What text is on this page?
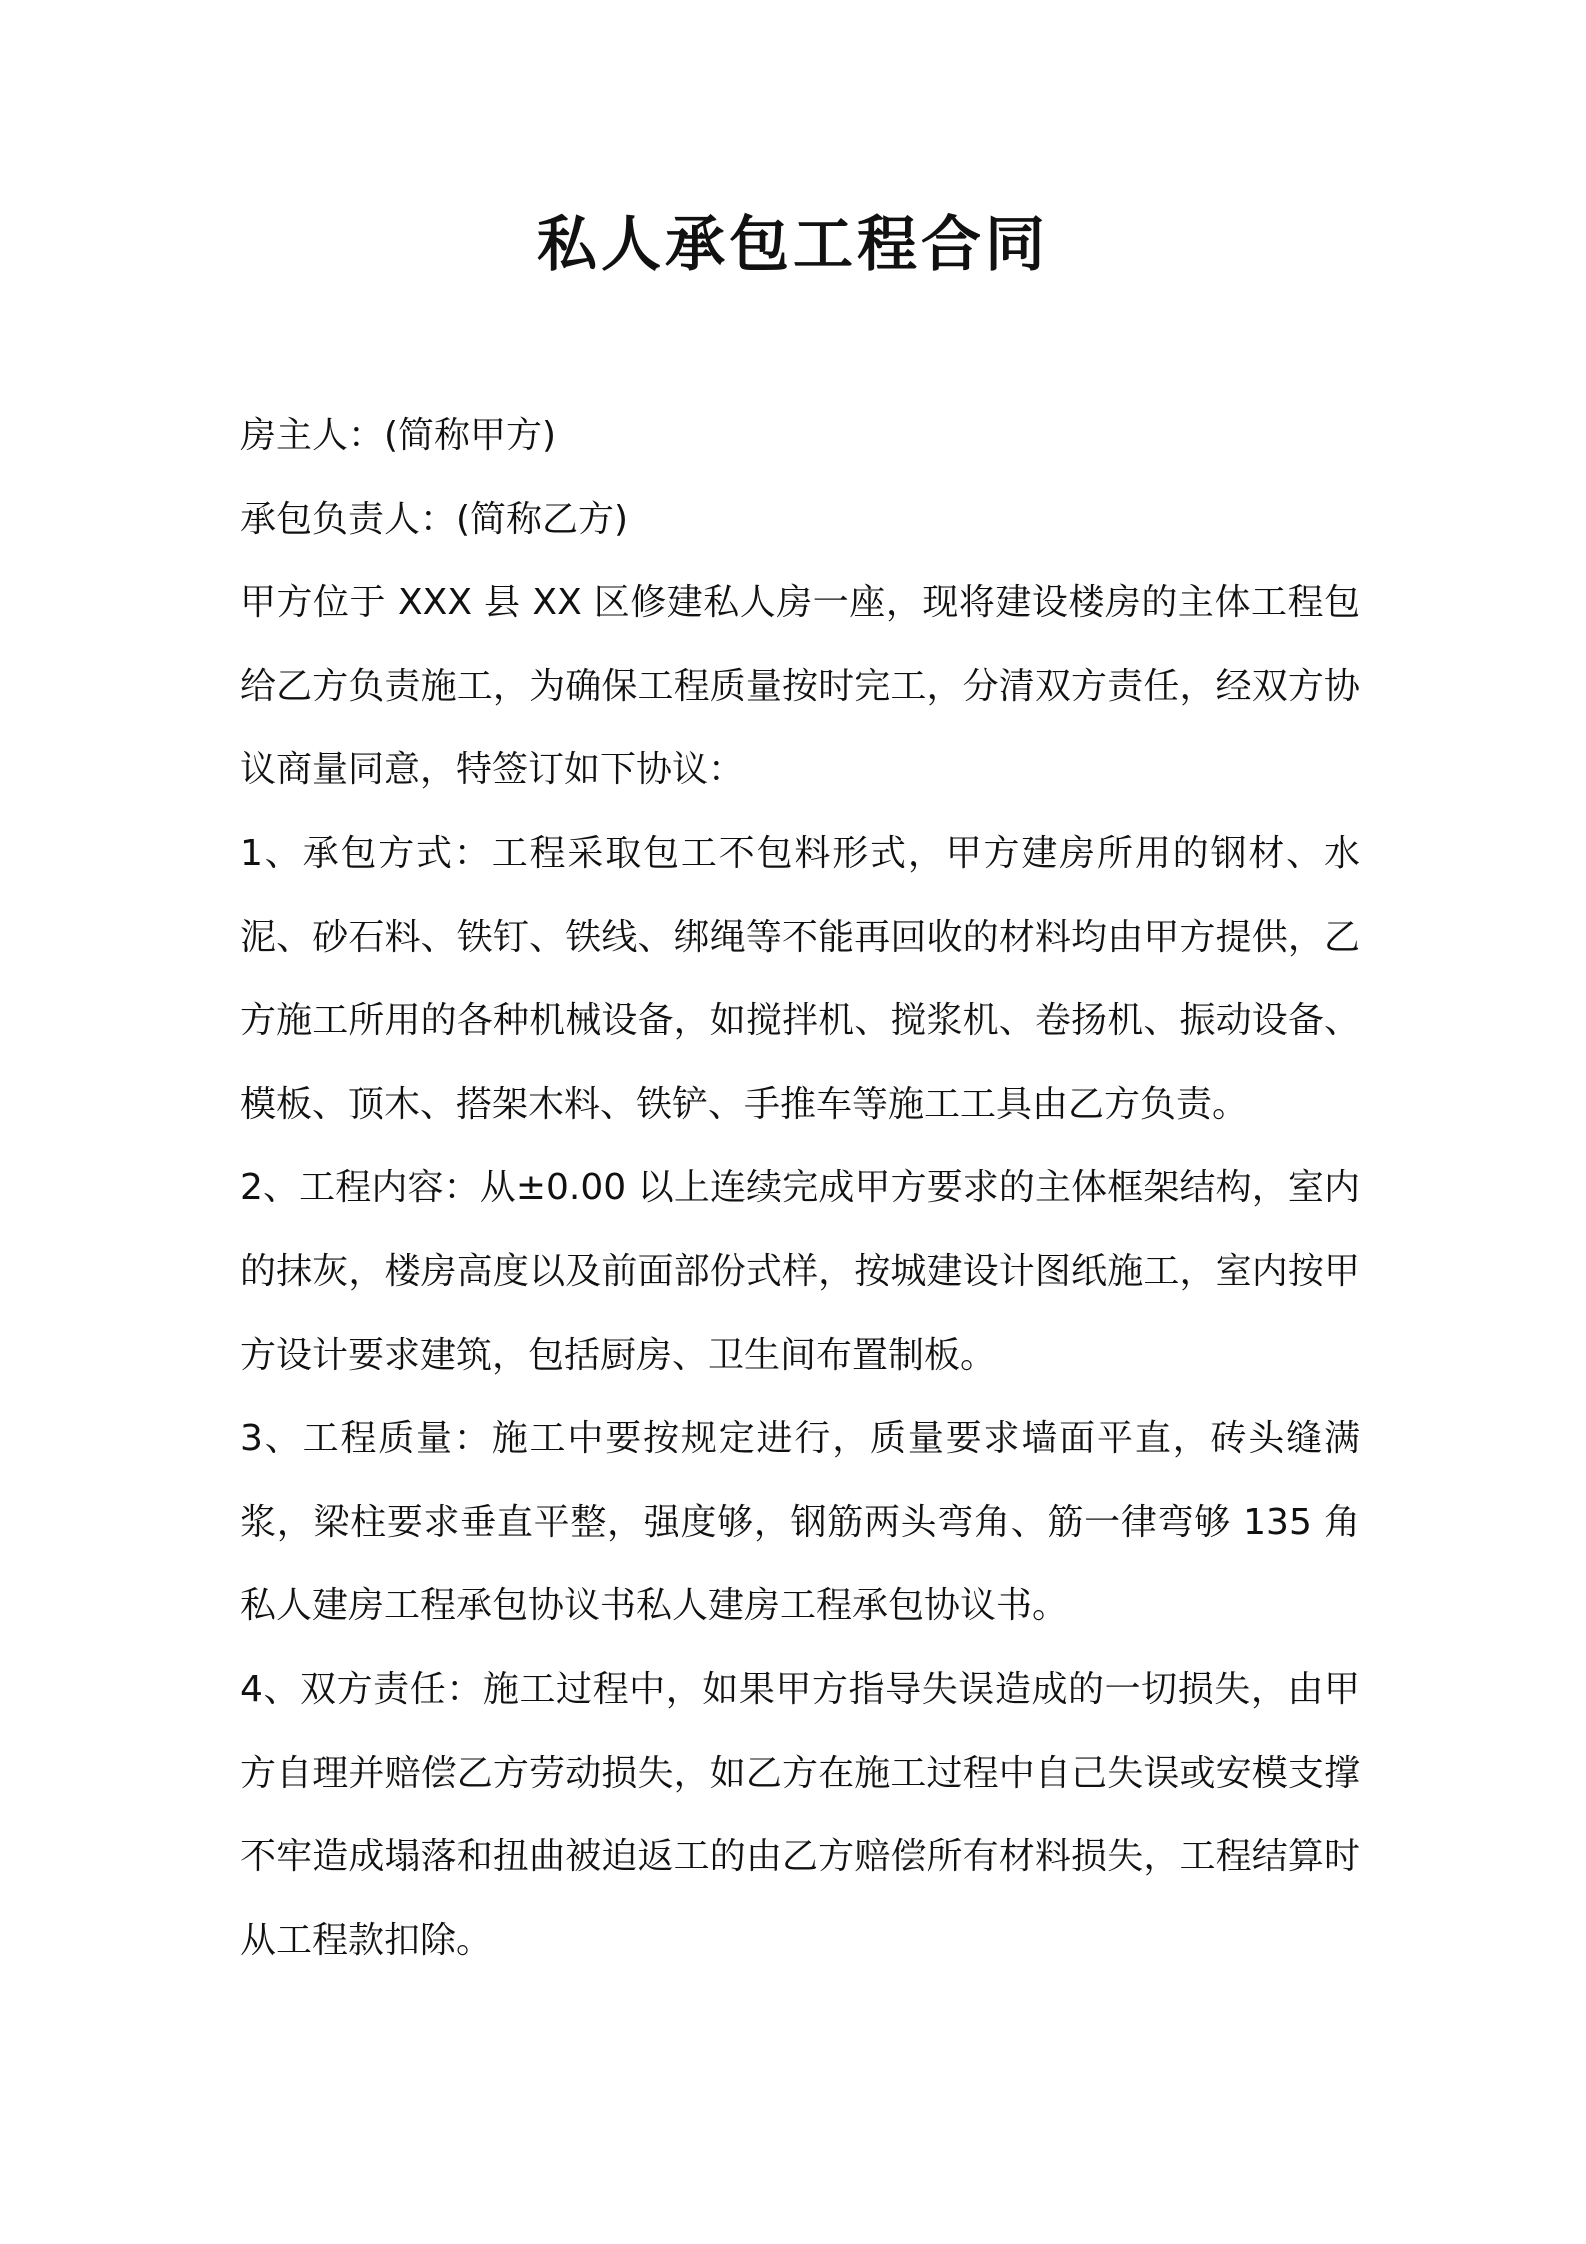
私人承包工程合同

房主人：(简称甲方)

承包负责人：(简称乙方)

甲方位于 XXX 县 XX 区修建私人房一座，现将建设楼房的主体工程包给乙方负责施工，为确保工程质量按时完工，分清双方责任，经双方协议商量同意，特签订如下协议：

1、承包方式：工程采取包工不包料形式，甲方建房所用的钢材、水泥、砂石料、铁钉、铁线、绑绳等不能再回收的材料均由甲方提供，乙方施工所用的各种机械设备，如搅拌机、搅浆机、卷扬机、振动设备、模板、顶木、搭架木料、铁铲、手推车等施工工具由乙方负责。

2、工程内容：从±0.00 以上连续完成甲方要求的主体框架结构，室内的抹灰，楼房高度以及前面部份式样，按城建设计图纸施工，室内按甲方设计要求建筑，包括厨房、卫生间布置制板。

3、工程质量：施工中要按规定进行，质量要求墙面平直，砖头缝满浆，梁柱要求垂直平整，强度够，钢筋两头弯角、筋一律弯够 135 角私人建房工程承包协议书私人建房工程承包协议书。

4、双方责任：施工过程中，如果甲方指导失误造成的一切损失，由甲方自理并赔偿乙方劳动损失，如乙方在施工过程中自己失误或安模支撑不牢造成塌落和扭曲被迫返工的由乙方赔偿所有材料损失，工程结算时从工程款扣除。
